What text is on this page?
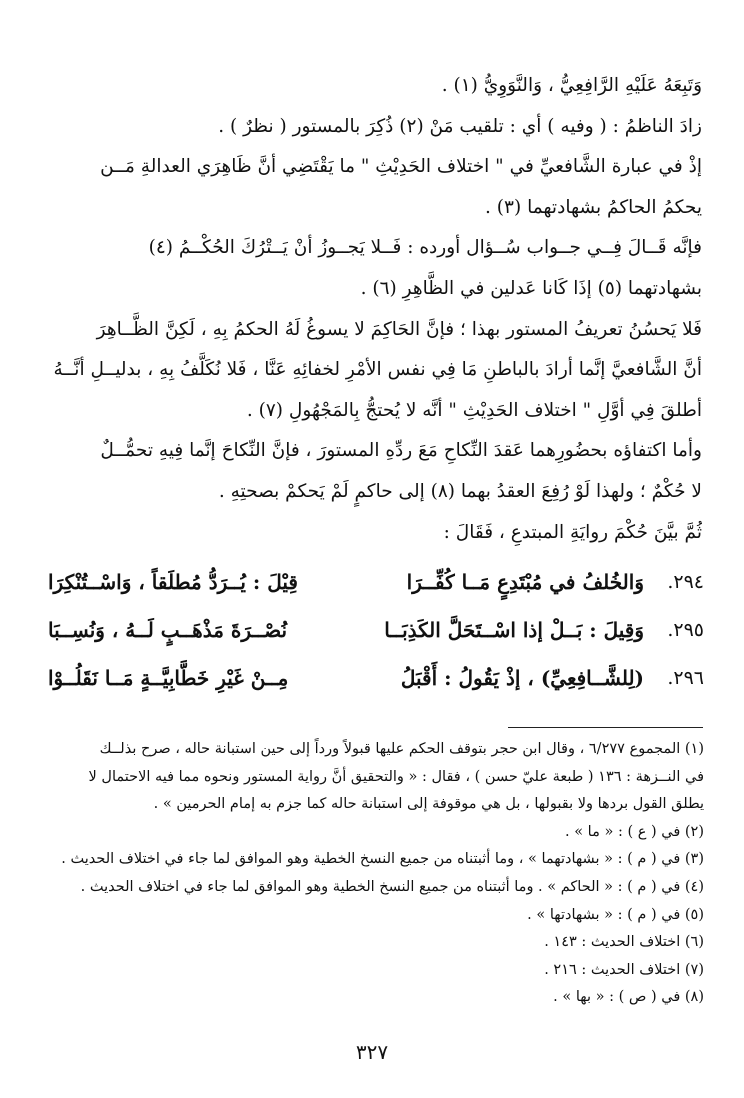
وَتَبِعَهُ عَلَيْهِ الرَّافِعِيُّ ، وَالنَّوَوِيُّ (١) .
زادَ الناظمُ : ( وفيه ) أي : تلقيب مَنْ (٢) ذُكِرَ بالمستور ( نظرٌ ) .
إذْ في عبارة الشَّافعيِّ في " اختلاف الحَدِيْثِ " ما يَقْتَضِي أنَّ ظَاهِرَي العدالةِ مَــن
يحكمُ الحاكمُ بشهادتهما (٣) .
فإنَّه قَــالَ فِــي جــواب سُــؤال أورده : فَــلا يَجــوزُ أنْ يَــتْرُكَ الحُكْــمُ (٤)
بشهادتهما (٥) إذَا كَانا عَدلين في الظَّاهِرِ (٦) .
فَلا يَحسُنُ تعريفُ المستور بهذا ؛ فإنَّ الحَاكِمَ لا يسوغُ لَهُ الحكمُ بِهِ ، لَكِنَّ الظَّــاهِرَ
أنَّ الشَّافعيَّ إنَّما أرادَ بالباطنِ مَا فِي نفس الأمْرِ لخفائِهِ عَنَّا ، فَلا نُكَلَّفُ بِهِ ، بدليــلِ أنَّــهُ
أطلقَ فِي أوَّلِ " اختلاف الحَدِيْثِ " أنَّه لا يُحتجُّ بِالمَجْهُولِ (٧) .
وأما اكتفاؤه بحضُورِهما عَقدَ النِّكاحِ مَعَ ردِّهِ المستورَ ، فإنَّ النِّكاحَ إنَّما فِيهِ تحمُّــلٌ
لا حُكْمٌ ؛ ولهذا لَوْ رُفِعَ العقدُ بهما (٨) إلى حاكمٍ لَمْ يَحكمْ بصحتِهِ .
ثُمَّ بيَّنَ حُكْمَ روايَةِ المبتدعِ ، فَقَالَ :
٢٩٤.
وَالخُلفُ في مُبْتَدِعٍ مَــا كُفِّــرَا
قِيْلَ : يُــرَدُّ مُطلَقاً ، وَاسْــتُنْكِرَا
٢٩٥.
وَقِيلَ : بَــلْ إذا اسْــتَحَلَّ الكَذِبَــا
نُصْــرَةَ مَذْهَــبٍ لَــهُ ، وَنُسِــبَا
٢٩٦.
(لِلشَّــافِعِيِّ) ، إذْ يَقُولُ : أَقْبَلُ
مِــنْ غَيْرِ خَطَّابِيَّــةٍ مَــا نَقَلُــوْا
(١) المجموع ٦/٢٧٧ ، وقال ابن حجر بتوقف الحكم عليها قبولاً ورداً إلى حين استبانة حاله ، صرح بذلــك
في النــزهة : ١٣٦ ( طبعة عليّ حسن ) ، فقال : « والتحقيق أنَّ رواية المستور ونحوه مما فيه الاحتمال لا
يطلق القول بردها ولا بقبولها ، بل هي موقوفة إلى استبانة حاله كما جزم به إمام الحرمين » .
(٢) في ( ع ) : « ما » .
(٣) في ( م ) : « بشهادتهما » ، وما أثبتناه من جميع النسخ الخطية وهو الموافق لما جاء في اختلاف الحديث .
(٤) في ( م ) : « الحاكم » . وما أثبتناه من جميع النسخ الخطية وهو الموافق لما جاء في اختلاف الحديث .
(٥) في ( م ) : « بشهادتها » .
(٦) اختلاف الحديث : ١٤٣ .
(٧) اختلاف الحديث : ٢١٦ .
(٨) في ( ص ) : « بها » .
٣٢٧
